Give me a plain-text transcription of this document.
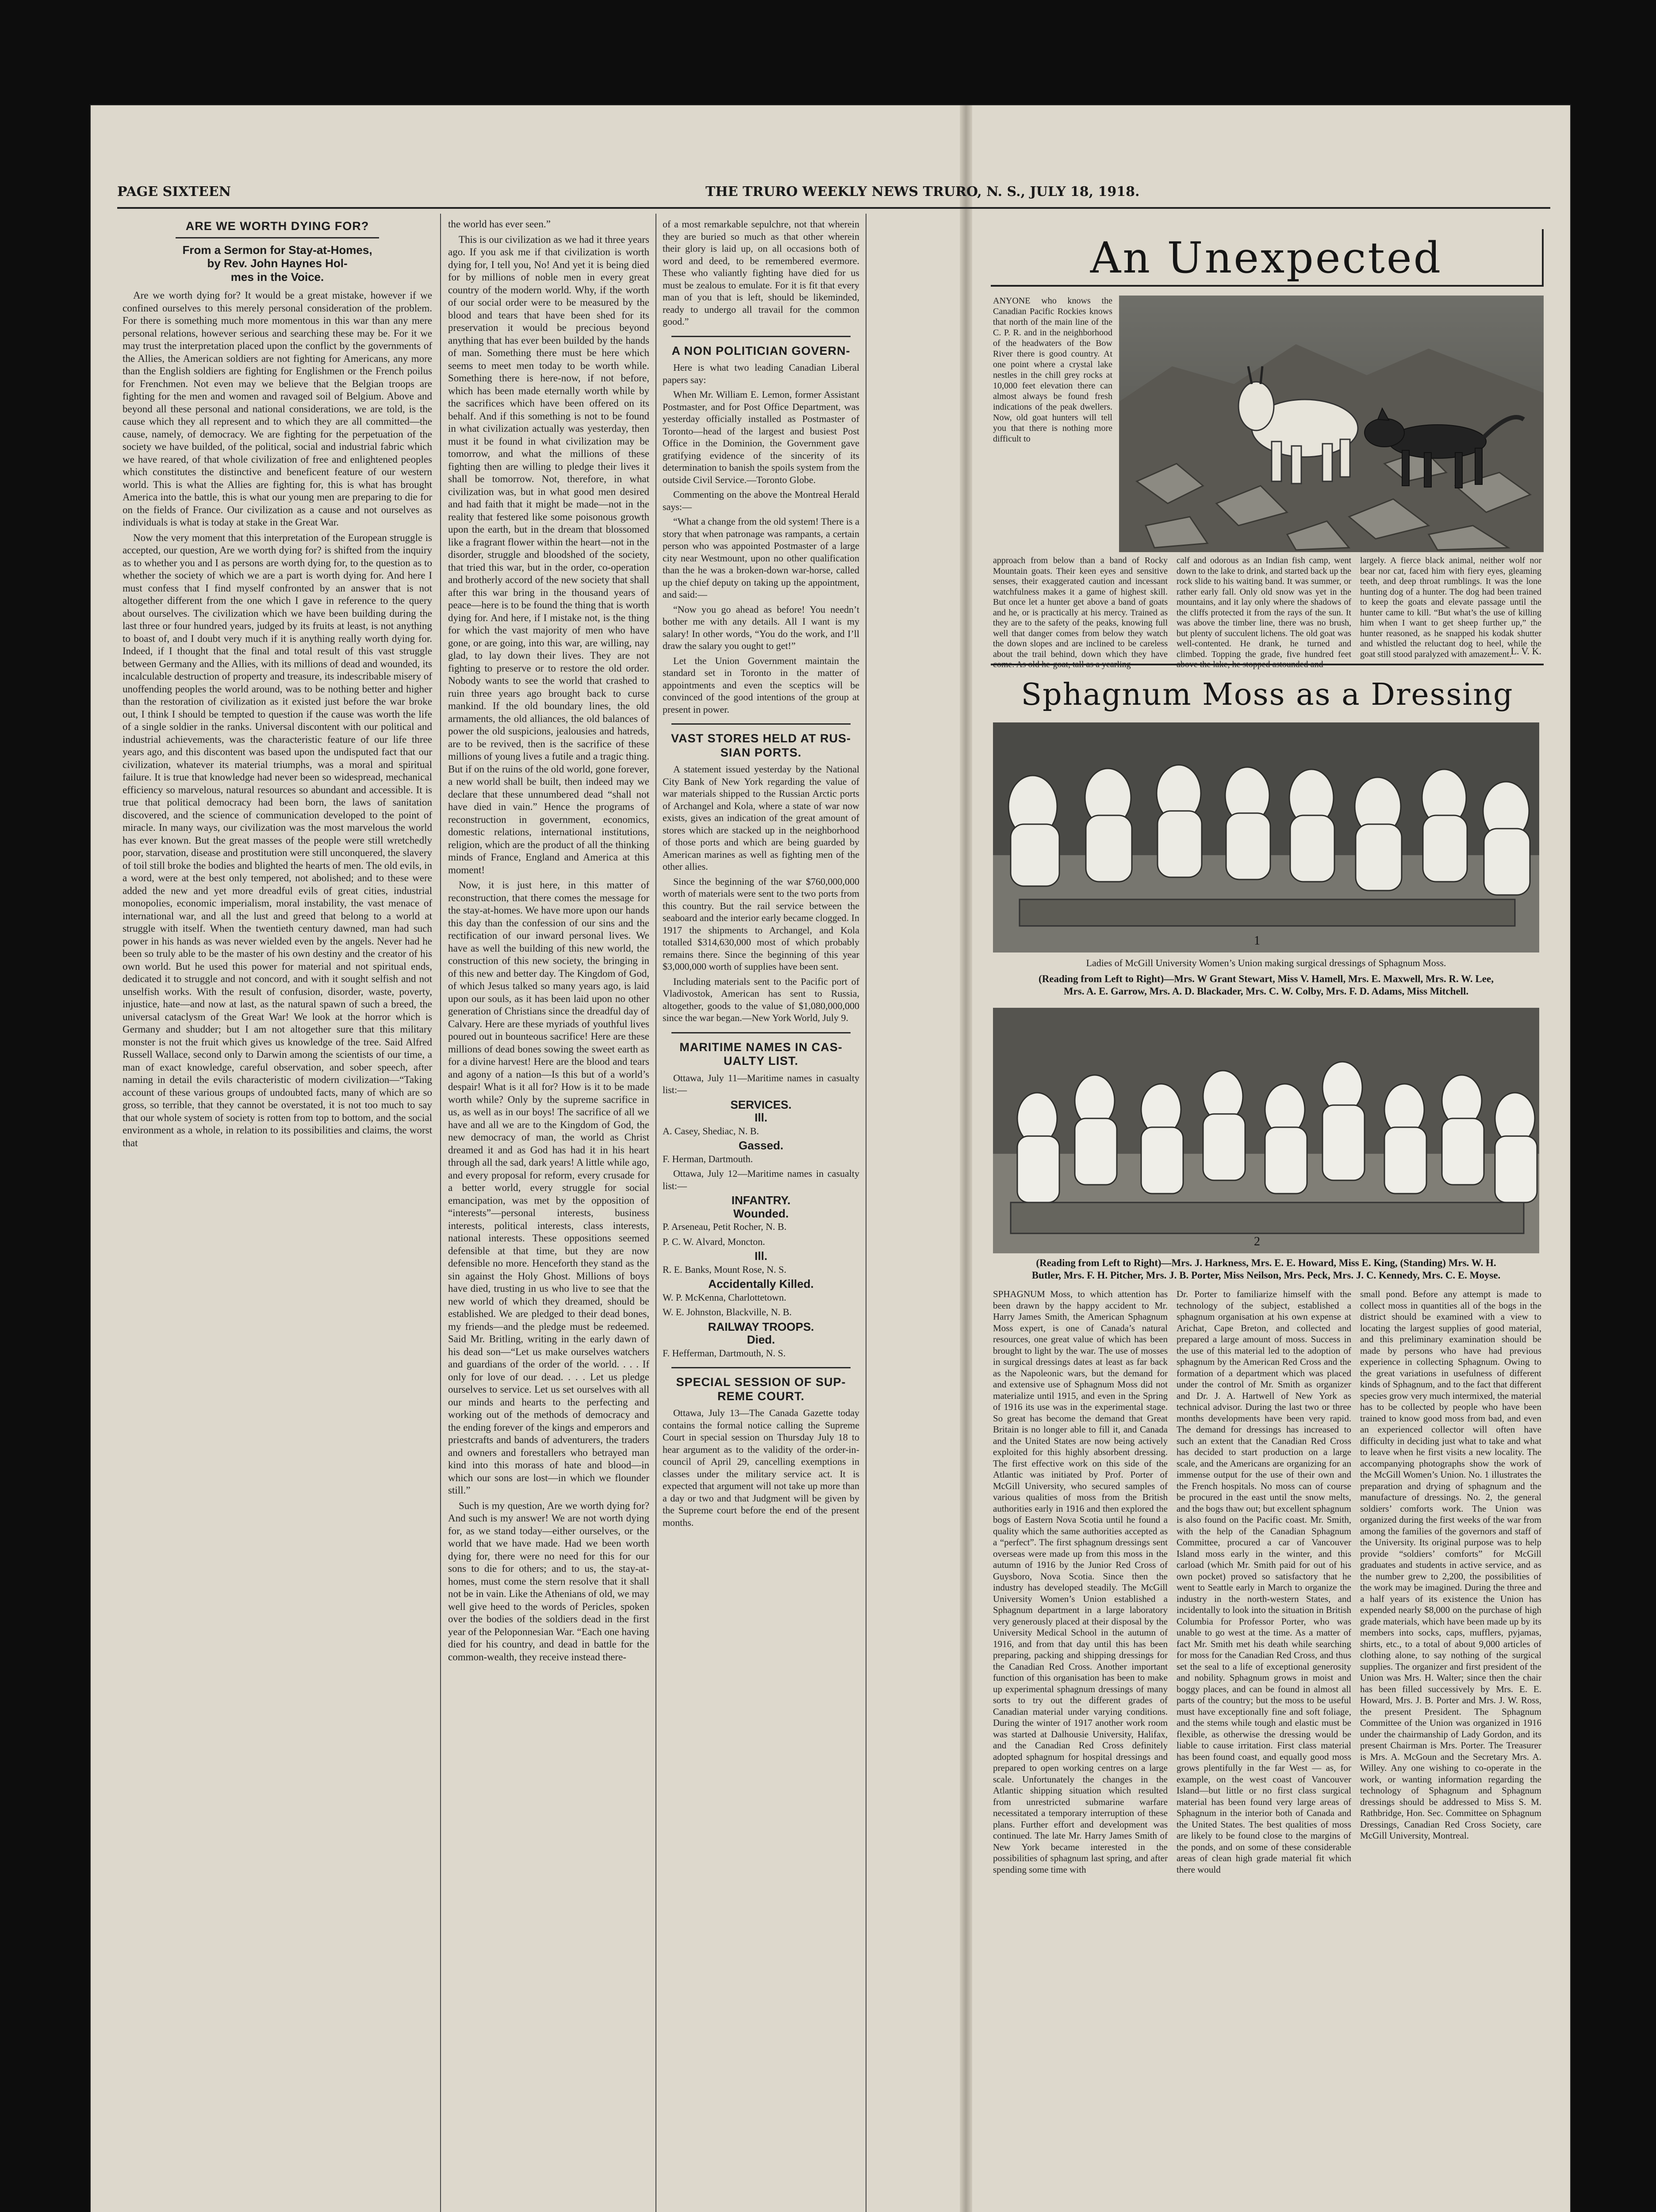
PAGE SIXTEEN	THE TRURO WEEKLY NEWS TRURO, N. S., JULY 18, 1918.
ARE WE WORTH DYING FOR?
From a Sermon for Stay-at-Homes,
by Rev. John Haynes Hol-
mes in the Voice.

Are we worth dying for? It would be a great mistake, however if we confined ourselves to this merely personal consideration of the problem. For there is something much more momentous in this war than any mere personal relations, however serious and searching these may be. For it we may trust the interpretation placed upon the conflict by the governments of the Allies, the American soldiers are not fighting for Americans, any more than the English soldiers are fighting for Englishmen or the French poilus for Frenchmen. Not even may we believe that the Belgian troops are fighting for the men and women and ravaged soil of Belgium. Above and beyond all these personal and national considerations, we are told, is the cause which they all represent and to which they are all committed—the cause, namely, of democracy. We are fighting for the perpetuation of the society we have builded, of the political, social and industrial fabric which we have reared, of that whole civilization of free and enlightened peoples which constitutes the distinctive and beneficent feature of our western world. This is what the Allies are fighting for, this is what has brought America into the battle, this is what our young men are preparing to die for on the fields of France. Our civilization as a cause and not ourselves as individuals is what is today at stake in the Great War.

Now the very moment that this interpretation of the European struggle is accepted, our question, Are we worth dying for? is shifted from the inquiry as to whether you and I as persons are worth dying for, to the question as to whether the society of which we are a part is worth dying for. And here I must confess that I find myself confronted by an answer that is not altogether different from the one which I gave in reference to the query about ourselves. The civilization which we have been building during the last three or four hundred years, judged by its fruits at least, is not anything to boast of, and I doubt very much if it is anything really worth dying for. Indeed, if I thought that the final and total result of this vast struggle between Germany and the Allies, with its millions of dead and wounded, its incalculable destruction of property and treasure, its indescribable misery of unoffending peoples the world around, was to be nothing better and higher than the restoration of civilization as it existed just before the war broke out, I think I should be tempted to question if the cause was worth the life of a single soldier in the ranks. Universal discontent with our political and industrial achievements, was the characteristic feature of our life three years ago, and this discontent was based upon the undisputed fact that our civilization, whatever its material triumphs, was a moral and spiritual failure. It is true that knowledge had never been so widespread, mechanical efficiency so marvelous, natural resources so abundant and accessible. It is true that political democracy had been born, the laws of sanitation discovered, and the science of communication developed to the point of miracle. In many ways, our civilization was the most marvelous the world has ever known. But the great masses of the people were still wretchedly poor, starvation, disease and prostitution were still unconquered, the slavery of toil still broke the bodies and blighted the hearts of men. The old evils, in a word, were at the best only tempered, not abolished; and to these were added the new and yet more dreadful evils of great cities, industrial monopolies, economic imperialism, moral instability, the vast menace of international war, and all the lust and greed that belong to a world at struggle with itself. When the twentieth century dawned, man had such power in his hands as was never wielded even by the angels. Never had he been so truly able to be the master of his own destiny and the creator of his own world. But he used this power for material and not spiritual ends, dedicated it to struggle and not concord, and with it sought selfish and not unselfish works. With the result of confusion, disorder, waste, poverty, injustice, hate—and now at last, as the natural spawn of such a breed, the universal cataclysm of the Great War! We look at the horror which is Germany and shudder; but I am not altogether sure that this military monster is not the fruit which gives us knowledge of the tree. Said Alfred Russell Wallace, second only to Darwin among the scientists of our time, a man of exact knowledge, careful observation, and sober speech, after naming in detail the evils characteristic of modern civilization—“Taking account of these various groups of undoubted facts, many of which are so gross, so terrible, that they cannot be overstated, it is not too much to say that our whole system of society is rotten from top to bottom, and the social environment as a whole, in relation to its possibilities and claims, the worst that

the world has ever seen.”

This is our civilization as we had it three years ago. If you ask me if that civilization is worth dying for, I tell you, No! And yet it is being died for by millions of noble men in every great country of the modern world. Why, if the worth of our social order were to be measured by the blood and tears that have been shed for its preservation it would be precious beyond anything that has ever been builded by the hands of man. Something there must be here which seems to meet men today to be worth while. Something there is here-now, if not before, which has been made eternally worth while by the sacrifices which have been offered on its behalf. And if this something is not to be found in what civilization actually was yesterday, then must it be found in what civilization may be tomorrow, and what the millions of these fighting then are willing to pledge their lives it shall be tomorrow. Not, therefore, in what civilization was, but in what good men desired and had faith that it might be made—not in the reality that festered like some poisonous growth upon the earth, but in the dream that blossomed like a fragrant flower within the heart—not in the disorder, struggle and bloodshed of the society, that tried this war, but in the order, co-operation and brotherly accord of the new society that shall after this war bring in the thousand years of peace—here is to be found the thing that is worth dying for. And here, if I mistake not, is the thing for which the vast majority of men who have gone, or are going, into this war, are willing, nay glad, to lay down their lives. They are not fighting to preserve or to restore the old order. Nobody wants to see the world that crashed to ruin three years ago brought back to curse mankind. If the old boundary lines, the old armaments, the old alliances, the old balances of power the old suspicions, jealousies and hatreds, are to be revived, then is the sacrifice of these millions of young lives a futile and a tragic thing. But if on the ruins of the old world, gone forever, a new world shall be built, then indeed may we declare that these unnumbered dead “shall not have died in vain.” Hence the programs of reconstruction in government, economics, domestic relations, international institutions, religion, which are the product of all the thinking minds of France, England and America at this moment!

Now, it is just here, in this matter of reconstruction, that there comes the message for the stay-at-homes. We have more upon our hands this day than the confession of our sins and the rectification of our inward personal lives. We have as well the building of this new world, the construction of this new society, the bringing in of this new and better day. The Kingdom of God, of which Jesus talked so many years ago, is laid upon our souls, as it has been laid upon no other generation of Christians since the dreadful day of Calvary. Here are these myriads of youthful lives poured out in bounteous sacrifice! Here are these millions of dead bones sowing the sweet earth as for a divine harvest! Here are the blood and tears and agony of a nation—Is this but of a world’s despair! What is it all for? How is it to be made worth while? Only by the supreme sacrifice in us, as well as in our boys! The sacrifice of all we have and all we are to the Kingdom of God, the new democracy of man, the world as Christ dreamed it and as God has had it in his heart through all the sad, dark years! A little while ago, and every proposal for reform, every crusade for a better world, every struggle for social emancipation, was met by the opposition of “interests”—personal interests, business interests, political interests, class interests, national interests. These oppositions seemed defensible at that time, but they are now defensible no more. Henceforth they stand as the sin against the Holy Ghost. Millions of boys have died, trusting in us who live to see that the new world of which they dreamed, should be established. We are pledged to their dead bones, my friends—and the pledge must be redeemed. Said Mr. Britling, writing in the early dawn of his dead son—“Let us make ourselves watchers and guardians of the order of the world. . . . If only for love of our dead. . . . Let us pledge ourselves to service. Let us set ourselves with all our minds and hearts to the perfecting and working out of the methods of democracy and the ending forever of the kings and emperors and priestcrafts and bands of adventurers, the traders and owners and forestallers who betrayed man kind into this morass of hate and blood—in which our sons are lost—in which we flounder still.”

Such is my question, Are we worth dying for? And such is my answer! We are not worth dying for, as we stand today—either ourselves, or the world that we have made. Had we been worth dying for, there were no need for this for our sons to die for others; and to us, the stay-at-homes, must come the stern resolve that it shall not be in vain. Like the Athenians of old, we may well give heed to the words of Pericles, spoken over the bodies of the soldiers dead in the first year of the Peloponnesian War. “Each one having died for his country, and dead in battle for the common-wealth, they receive instead there-

of a most remarkable sepulchre, not that wherein they are buried so much as that other wherein their glory is laid up, on all occasions both of word and deed, to be remembered evermore. These who valiantly fighting have died for us must be zealous to emulate. For it is fit that every man of you that is left, should be likeminded, ready to undergo all travail for the common good.”

A NON POLITICIAN GOVERN-

Here is what two leading Canadian Liberal papers say:

When Mr. William E. Lemon, former Assistant Postmaster, and for Post Office Department, was yesterday officially installed as Postmaster of Toronto—head of the largest and busiest Post Office in the Dominion, the Government gave gratifying evidence of the sincerity of its determination to banish the spoils system from the outside Civil Service.—Toronto Globe.

Commenting on the above the Montreal Herald says:—

“What a change from the old system! There is a story that when patronage was rampants, a certain person who was appointed Postmaster of a large city near Westmount, upon no other qualification than the he was a broken-down war-horse, called up the chief deputy on taking up the appointment, and said:—

“Now you go ahead as before! You needn’t bother me with any details. All I want is my salary! In other words, “You do the work, and I’ll draw the salary you ought to get!”

Let the Union Government maintain the standard set in Toronto in the matter of appointments and even the sceptics will be convinced of the good intentions of the group at present in power.

VAST STORES HELD AT RUS-
SIAN PORTS.

A statement issued yesterday by the National City Bank of New York regarding the value of war materials shipped to the Russian Arctic ports of Archangel and Kola, where a state of war now exists, gives an indication of the great amount of stores which are stacked up in the neighborhood of those ports and which are being guarded by American marines as well as fighting men of the other allies.

Since the beginning of the war $760,000,000 worth of materials were sent to the two ports from this country. But the rail service between the seaboard and the interior early became clogged. In 1917 the shipments to Archangel, and Kola totalled $314,630,000 most of which probably remains there. Since the beginning of this year $3,000,000 worth of supplies have been sent.

Including materials sent to the Pacific port of Vladivostok, American has sent to Russia, altogether, goods to the value of $1,080,000,000 since the war began.—New York World, July 9.

MARITIME NAMES IN CAS-
UALTY LIST.

Ottawa, July 11—Maritime names in casualty list:—

SERVICES.
Ill.

A. Casey, Shediac, N. B.

Gassed.

F. Herman, Dartmouth.

Ottawa, July 12—Maritime names in casualty list:—

INFANTRY.
Wounded.

P. Arseneau, Petit Rocher, N. B.

P. C. W. Alvard, Moncton.

Ill.

R. E. Banks, Mount Rose, N. S.

Accidentally Killed.

W. P. McKenna, Charlottetown.

W. E. Johnston, Blackville, N. B.

RAILWAY TROOPS.
Died.

F. Hefferman, Dartmouth, N. S.

SPECIAL SESSION OF SUP-
REME COURT.

Ottawa, July 13—The Canada Gazette today contains the formal notice calling the Supreme Court in special session on Thursday July 18 to hear argument as to the validity of the order-in-council of April 29, cancelling exemptions in classes under the military service act. It is expected that argument will not take up more than a day or two and that Judgment will be given by the Supreme court before the end of the present months.

An Unexpected

ANYONE who knows the Canadian Pacific Rockies knows that north of the main line of the C. P. R. and in the neighborhood of the headwaters of the Bow River there is good country. At one point where a crystal lake nestles in the chill grey rocks at 10,000 feet elevation there can almost always be found fresh indications of the peak dwellers. Now, old goat hunters will tell you that there is nothing more difficult to

approach from below than a band of Rocky Mountain goats. Their keen eyes and sensitive senses, their exaggerated caution and incessant watchfulness makes it a game of highest skill. But once let a hunter get above a band of goats and he, or is practically at his mercy. Trained as they are to the safety of the peaks, knowing full well that danger comes from below they watch the down slopes and are inclined to be careless about the trail behind, down which they have

calf and odorous as an Indian fish camp, went down to the lake to drink, and started back up the rock slide to his waiting band. It was summer, or rather early fall. Only old snow was yet in the mountains, and it lay only where the shadows of the cliffs protected it from the rays of the sun. It was above the timber line, there was no brush, but plenty of succulent lichens. The old goat was well-contented. He drank, he turned and climbed. Topping the grade, five hundred feet

largely. A fierce black animal, neither wolf nor bear nor cat, faced him with fiery eyes, gleaming teeth, and deep throat rumblings. It was the lone hunting dog of a hunter. The dog had been trained to keep the goats and elevate passage until the hunter came to kill. “But what’s the use of killing him when I want to get sheep further up,” the hunter reasoned, as he snapped his kodak shutter and whistled the reluctant dog to heel, while the goat still stood paralyzed with amazement.

L. V. K.
Sphagnum Moss as a Dressing
1
Ladies of McGill University Women’s Union making surgical dressings of Sphagnum Moss.
(Reading from Left to Right)—Mrs. W Grant Stewart, Miss V. Hamell, Mrs. E. Maxwell, Mrs. R. W. Lee,
Mrs. A. E. Garrow, Mrs. A. D. Blackader, Mrs. C. W. Colby, Mrs. F. D. Adams, Miss Mitchell.
2
(Reading from Left to Right)—Mrs. J. Harkness, Mrs. E. E. Howard, Miss E. King, (Standing) Mrs. W. H.
Butler, Mrs. F. H. Pitcher, Mrs. J. B. Porter, Miss Neilson, Mrs. Peck, Mrs. J. C. Kennedy, Mrs. C. E. Moyse.

SPHAGNUM Moss, to which attention has been drawn by the happy accident to Mr. Harry James Smith, the American Sphagnum Moss expert, is one of Canada’s natural resources, one great value of which has been brought to light by the war. The use of mosses in surgical dressings dates at least as far back as the Napoleonic wars, but the demand for and extensive use of Sphagnum Moss did not materialize until 1915, and even in the Spring of 1916 its use was in the experimental stage. So great has become the demand that Great Britain is no longer able to fill it, and Canada and the United States are now being actively exploited for this highly absorbent dressing. The first effective work on this side of the Atlantic was initiated by Prof. Porter of McGill University, who secured samples of various qualities of moss from the British authorities early in 1916 and then explored the bogs of Eastern Nova Scotia until he found a quality which the same authorities accepted as a “perfect”. The first sphagnum dressings sent overseas were made up from this moss in the autumn of 1916 by the Junior Red Cross of Guysboro, Nova Scotia. Since then the industry has developed steadily. The McGill University Women’s Union established a Sphagnum department in a large laboratory very generously placed at their disposal by the University Medical School in the autumn of 1916, and from that day until this has been preparing, packing and shipping dressings for the Canadian Red Cross. Another important function of this organisation has been to make up experimental sphagnum dressings of many sorts to try out the different grades of Canadian material under varying conditions. During the winter of 1917 another work room was started at Dalhousie University, Halifax, and the Canadian Red Cross definitely adopted sphagnum for hospital dressings and prepared to open working centres on a large scale. Unfortunately the changes in the Atlantic shipping situation which resulted from unrestricted submarine warfare necessitated a temporary interruption of these plans. Further effort and development was continued. The late Mr. Harry James Smith of New York became interested in the possibilities of sphagnum last spring, and after spending some time with

Dr. Porter to familiarize himself with the technology of the subject, established a sphagnum organisation at his own expense at Arichat, Cape Breton, and collected and prepared a large amount of moss. Success in the use of this material led to the adoption of sphagnum by the American Red Cross and the formation of a department which was placed under the control of Mr. Smith as organizer and Dr. J. A. Hartwell of New York as technical advisor. During the last two or three months developments have been very rapid. The demand for dressings has increased to such an extent that the Canadian Red Cross has decided to start production on a large scale, and the Americans are organizing for an immense output for the use of their own and the French hospitals. No moss can of course be procured in the east until the snow melts, and the bogs thaw out; but excellent sphagnum is also found on the Pacific coast. Mr. Smith, with the help of the Canadian Sphagnum Committee, procured a car of Vancouver Island moss early in the winter, and this carload (which Mr. Smith paid for out of his own pocket) proved so satisfactory that he went to Seattle early in March to organize the industry in the north-western States, and incidentally to look into the situation in British Columbia for Professor Porter, who was unable to go west at the time. As a matter of fact Mr. Smith met his death while searching for moss for the Canadian Red Cross, and thus set the seal to a life of exceptional generosity and nobility. Sphagnum grows in moist and boggy places, and can be found in almost all parts of the country; but the moss to be useful must have exceptionally fine and soft foliage, and the stems while tough and elastic must be flexible, as otherwise the dressing would be liable to cause irritation. First class material has been found coast, and equally good moss grows plentifully in the far West — as, for example, on the west coast of Vancouver Island—but little or no first class surgical material has been found very large areas of Sphagnum in the interior both of Canada and the United States. The best qualities of moss are likely to be found close to the margins of the ponds, and on some of these considerable areas of clean high grade material fit which there would

small pond. Before any attempt is made to collect moss in quantities all of the bogs in the district should be examined with a view to locating the largest supplies of good material, and this preliminary examination should be made by persons who have had previous experience in collecting Sphagnum. Owing to the great variations in usefulness of different kinds of Sphagnum, and to the fact that different species grow very much intermixed, the material has to be collected by people who have been trained to know good moss from bad, and even an experienced collector will often have difficulty in deciding just what to take and what to leave when he first visits a new locality. The accompanying photographs show the work of the McGill Women’s Union. No. 1 illustrates the preparation and drying of sphagnum and the manufacture of dressings. No. 2, the general soldiers’ comforts work. The Union was organized during the first weeks of the war from among the families of the governors and staff of the University. Its original purpose was to help provide “soldiers’ comforts” for McGill graduates and students in active service, and as the number grew to 2,200, the possibilities of the work may be imagined. During the three and a half years of its existence the Union has expended nearly $8,000 on the purchase of high grade materials, which have been made up by its members into socks, caps, mufflers, pyjamas, shirts, etc., to a total of about 9,000 articles of clothing alone, to say nothing of the surgical supplies. The organizer and first president of the Union was Mrs. H. Walter; since then the chair has been filled successively by Mrs. E. E. Howard, Mrs. J. B. Porter and Mrs. J. W. Ross, the present President. The Sphagnum Committee of the Union was organized in 1916 under the chairmanship of Lady Gordon, and its present Chairman is Mrs. Porter. The Treasurer is Mrs. A. McGoun and the Secretary Mrs. A. Willey. Any one wishing to co-operate in the work, or wanting information regarding the technology of Sphagnum and Sphagnum dressings should be addressed to Miss S. M. Rathbridge, Hon. Sec. Committee on Sphagnum Dressings, Canadian Red Cross Society, care McGill University, Montreal.
